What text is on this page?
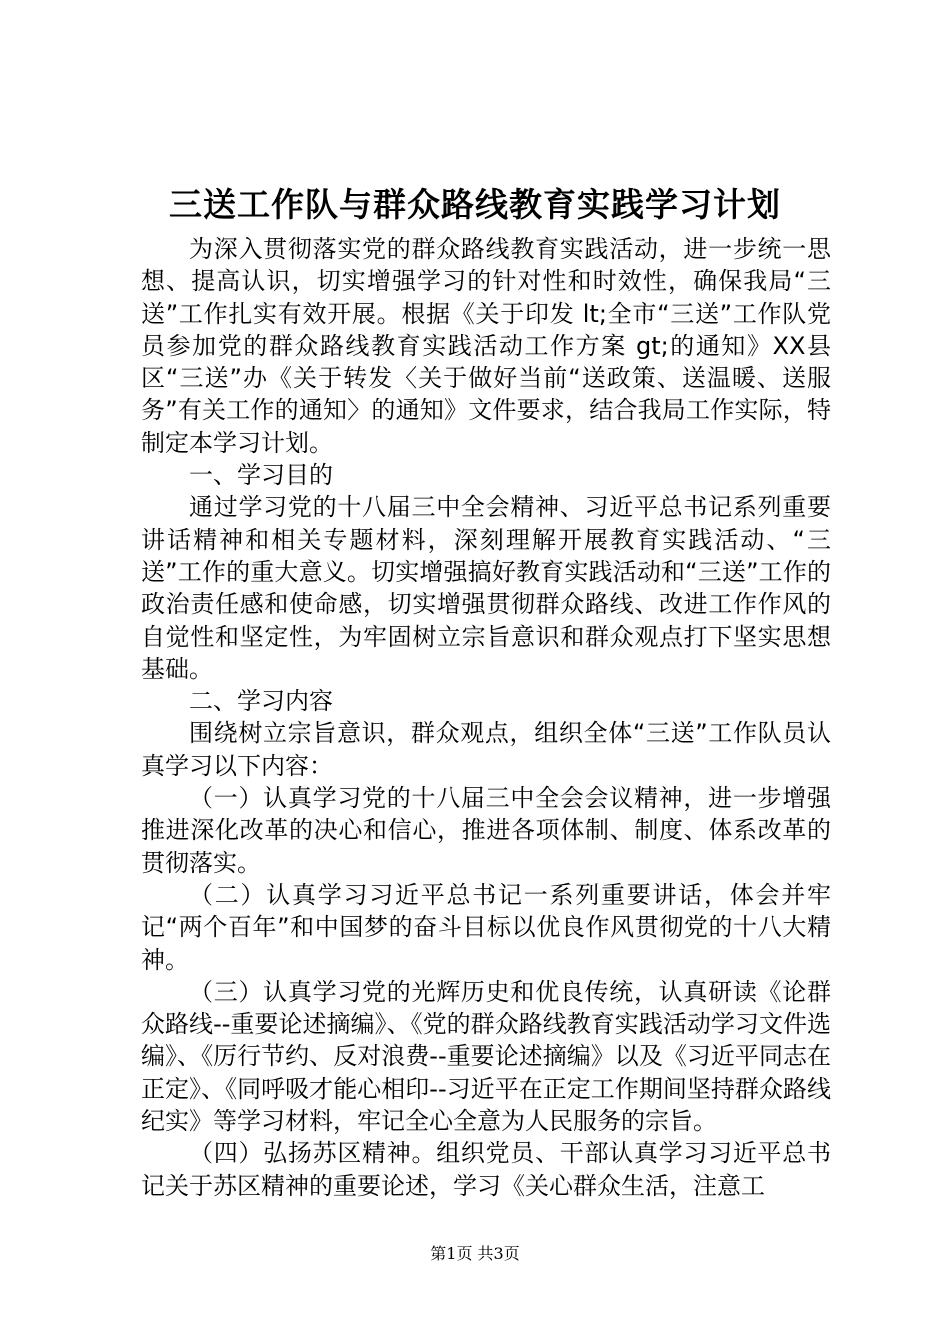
三送工作队与群众路线教育实践学习计划

为深入贯彻落实党的群众路线教育实践活动，进一步统一思想、提高认识，切实增强学习的针对性和时效性，确保我局“三送”工作扎实有效开展。根据《关于印发 lt;全市“三送”工作队党员参加党的群众路线教育实践活动工作方案 gt;的通知》XX县区“三送”办《关于转发〈关于做好当前“送政策、送温暖、送服务”有关工作的通知〉的通知》文件要求，结合我局工作实际，特制定本学习计划。

一、学习目的

通过学习党的十八届三中全会精神、习近平总书记系列重要讲话精神和相关专题材料，深刻理解开展教育实践活动、“三送”工作的重大意义。切实增强搞好教育实践活动和“三送”工作的政治责任感和使命感，切实增强贯彻群众路线、改进工作作风的自觉性和坚定性，为牢固树立宗旨意识和群众观点打下坚实思想基础。

二、学习内容

围绕树立宗旨意识，群众观点，组织全体“三送”工作队员认真学习以下内容：

（一）认真学习党的十八届三中全会会议精神，进一步增强推进深化改革的决心和信心，推进各项体制、制度、体系改革的贯彻落实。

（二）认真学习习近平总书记一系列重要讲话，体会并牢记“两个百年”和中国梦的奋斗目标以优良作风贯彻党的十八大精神。

（三）认真学习党的光辉历史和优良传统，认真研读《论群众路线--重要论述摘编》、《党的群众路线教育实践活动学习文件选编》、《厉行节约、反对浪费--重要论述摘编》以及《习近平同志在正定》、《同呼吸才能心相印--习近平在正定工作期间坚持群众路线纪实》等学习材料，牢记全心全意为人民服务的宗旨。

（四）弘扬苏区精神。组织党员、干部认真学习习近平总书记关于苏区精神的重要论述，学习《关心群众生活，注意工

第1页 共3页
